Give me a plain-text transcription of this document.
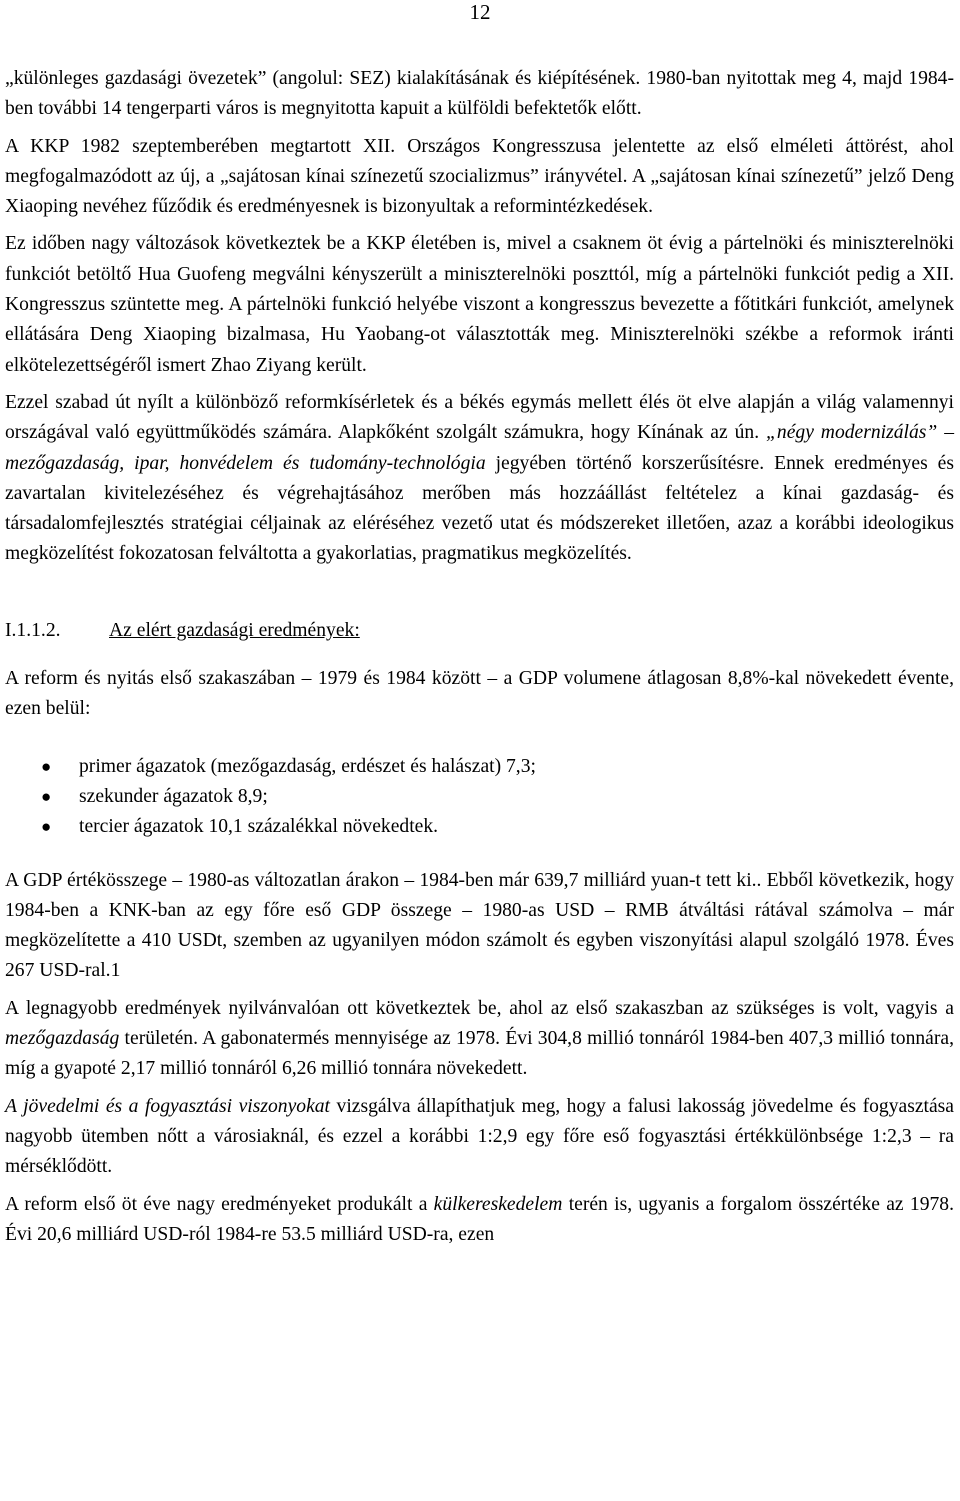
12

„különleges gazdasági övezetek” (angolul: SEZ) kialakításának és kiépítésének. 1980-ban nyitottak meg 4, majd 1984-ben további 14 tengerparti város is megnyitotta kapuit a külföldi befektetők előtt.

A KKP 1982 szeptemberében megtartott XII. Országos Kongresszusa jelentette az első elméleti áttörést, ahol megfogalmazódott az új, a „sajátosan kínai színezetű szocializmus” irányvétel. A „sajátosan kínai színezetű” jelző Deng Xiaoping nevéhez fűződik és eredményesnek is bizonyultak a reformintézkedések.

Ez időben nagy változások következtek be a KKP életében is, mivel a csaknem öt évig a pártelnöki és miniszterelnöki funkciót betöltő Hua Guofeng megválni kényszerült a miniszterelnöki poszttól, míg a pártelnöki funkciót pedig a XII. Kongresszus szüntette meg. A pártelnöki funkció helyébe viszont a kongresszus bevezette a főtitkári funkciót, amelynek ellátására Deng Xiaoping bizalmasa, Hu Yaobang-ot választották meg. Miniszterelnöki székbe a reformok iránti elkötelezettségéről ismert Zhao Ziyang került.

Ezzel szabad út nyílt a különböző reformkísérletek és a békés egymás mellett élés öt elve alapján a világ valamennyi országával való együttműködés számára. Alapkőként szolgált számukra, hogy Kínának az ún. „négy modernizálás” – mezőgazdaság, ipar, honvédelem és tudomány-technológia jegyében történő korszerűsítésre. Ennek eredményes és zavartalan kivitelezéséhez és végrehajtásához merőben más hozzáállást feltételez a kínai gazdaság- és társadalomfejlesztés stratégiai céljainak az eléréséhez vezető utat és módszereket illetően, azaz a korábbi ideologikus megközelítést fokozatosan felváltotta a gyakorlatias, pragmatikus megközelítés.

I.1.1.2.	Az elért gazdasági eredmények:

A reform és nyitás első szakaszában – 1979 és 1984 között – a GDP volumene átlagosan 8,8%-kal növekedett évente, ezen belül:

●	primer ágazatok (mezőgazdaság, erdészet és halászat) 7,3;
●	szekunder ágazatok 8,9;
●	tercier ágazatok 10,1 százalékkal növekedtek.

A GDP értékösszege – 1980-as változatlan árakon – 1984-ben már 639,7 milliárd yuan-t tett ki.. Ebből következik, hogy 1984-ben a KNK-ban az egy főre eső GDP összege – 1980-as USD – RMB átváltási rátával számolva – már megközelítette a 410 USDt, szemben az ugyanilyen módon számolt és egyben viszonyítási alapul szolgáló 1978. Éves 267 USD-ral.1

A legnagyobb eredmények nyilvánvalóan ott következtek be, ahol az első szakaszban az szükséges is volt, vagyis a mezőgazdaság területén. A gabonatermés mennyisége az 1978. Évi 304,8 millió tonnáról 1984-ben 407,3 millió tonnára, míg a gyapoté 2,17 millió tonnáról 6,26 millió tonnára növekedett.

A jövedelmi és a fogyasztási viszonyokat vizsgálva állapíthatjuk meg, hogy a falusi lakosság jövedelme és fogyasztása nagyobb ütemben nőtt a városiaknál, és ezzel a korábbi 1:2,9 egy főre eső fogyasztási értékkülönbsége 1:2,3 – ra mérséklődött.

A reform első öt éve nagy eredményeket produkált a külkereskedelem terén is, ugyanis a forgalom összértéke az 1978. Évi 20,6 milliárd USD-ról 1984-re 53.5 milliárd USD-ra, ezen
